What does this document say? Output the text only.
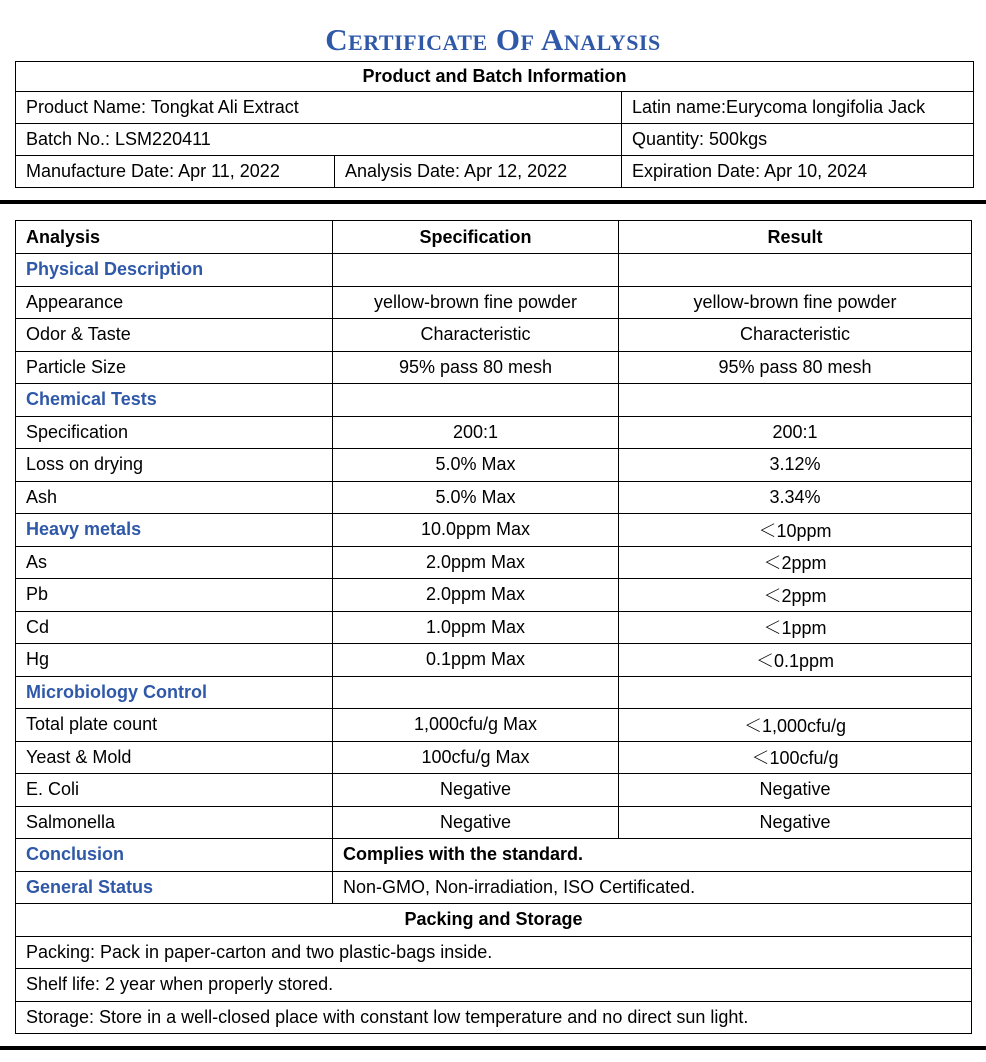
Certificate Of Analysis
Product and Batch Information		
Product Name: Tongkat Ali Extract		Latin name:Eurycoma longifolia Jack
Batch No.: LSM220411		Quantity: 500kgs
Manufacture Date: Apr 11, 2022	Analysis Date: Apr 12, 2022	Expiration Date: Apr 10, 2024
Analysis	Specification	Result
Physical Description		
Appearance	yellow-brown fine powder	yellow-brown fine powder
Odor & Taste	Characteristic	Characteristic
Particle Size	95% pass 80 mesh	95% pass 80 mesh
Chemical Tests		
Specification	200:1	200:1
Loss on drying	5.0% Max	3.12%
Ash	5.0% Max	3.34%
Heavy metals	10.0ppm Max	＜10ppm
As	2.0ppm Max	＜2ppm
Pb	2.0ppm Max	＜2ppm
Cd	1.0ppm Max	＜1ppm
Hg	0.1ppm Max	＜0.1ppm
Microbiology Control		
Total plate count	1,000cfu/g Max	＜1,000cfu/g
Yeast & Mold	100cfu/g Max	＜100cfu/g
E. Coli	Negative	Negative
Salmonella	Negative	Negative
Conclusion	Complies with the standard.	
General Status	Non-GMO, Non-irradiation, ISO Certificated.	
Packing and Storage		
Packing: Pack in paper-carton and two plastic-bags inside.		
Shelf life: 2 year when properly stored.		
Storage: Store in a well-closed place with constant low temperature and no direct sun light.		
